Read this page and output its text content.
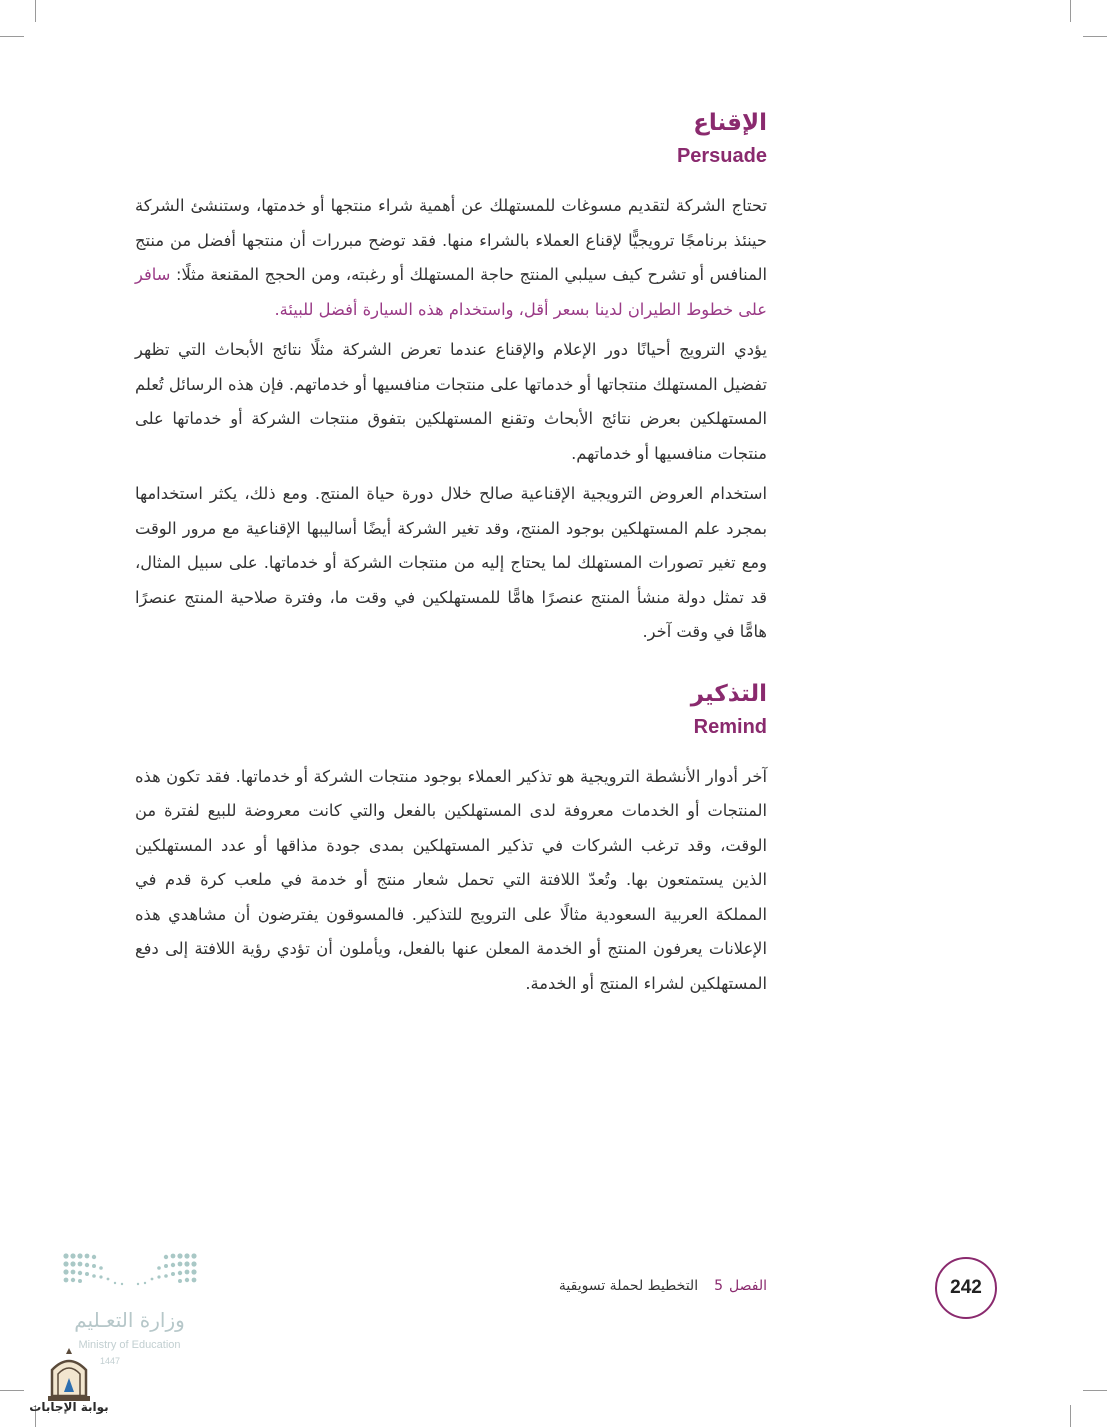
الإقناع
Persuade

تحتاج الشركة لتقديم مسوغات للمستهلك عن أهمية شراء منتجها أو خدمتها، وستنشئ الشركة حينئذ برنامجًا ترويجيًّا لإقناع العملاء بالشراء منها. فقد توضح مبررات أن منتجها أفضل من منتج المنافس أو تشرح كيف سيلبي المنتج حاجة المستهلك أو رغبته، ومن الحجج المقنعة مثلًا: سافر على خطوط الطيران لدينا بسعر أقل، واستخدام هذه السيارة أفضل للبيئة.

يؤدي الترويج أحيانًا دور الإعلام والإقناع عندما تعرض الشركة مثلًا نتائج الأبحاث التي تظهر تفضيل المستهلك منتجاتها أو خدماتها على منتجات منافسيها أو خدماتهم. فإن هذه الرسائل تُعلم المستهلكين بعرض نتائج الأبحاث وتقنع المستهلكين بتفوق منتجات الشركة أو خدماتها على منتجات منافسيها أو خدماتهم.

استخدام العروض الترويجية الإقناعية صالح خلال دورة حياة المنتج. ومع ذلك، يكثر استخدامها بمجرد علم المستهلكين بوجود المنتج، وقد تغير الشركة أيضًا أساليبها الإقناعية مع مرور الوقت ومع تغير تصورات المستهلك لما يحتاج إليه من منتجات الشركة أو خدماتها. على سبيل المثال، قد تمثل دولة منشأ المنتج عنصرًا هامًّا للمستهلكين في وقت ما، وفترة صلاحية المنتج عنصرًا هامًّا في وقت آخر.

التذكير
Remind

آخر أدوار الأنشطة الترويجية هو تذكير العملاء بوجود منتجات الشركة أو خدماتها. فقد تكون هذه المنتجات أو الخدمات معروفة لدى المستهلكين بالفعل والتي كانت معروضة للبيع لفترة من الوقت، وقد ترغب الشركات في تذكير المستهلكين بمدى جودة مذاقها أو عدد المستهلكين الذين يستمتعون بها. وتُعدّ اللافتة التي تحمل شعار منتج أو خدمة في ملعب كرة قدم في المملكة العربية السعودية مثالًا على الترويج للتذكير. فالمسوقون يفترضون أن مشاهدي هذه الإعلانات يعرفون المنتج أو الخدمة المعلن عنها بالفعل، ويأملون أن تؤدي رؤية اللافتة إلى دفع المستهلكين لشراء المنتج أو الخدمة.

242
الفصل5التخطيط لحملة تسويقية
وزارة التعـليم
Ministry of Education
1447
بوابة الإجابات
